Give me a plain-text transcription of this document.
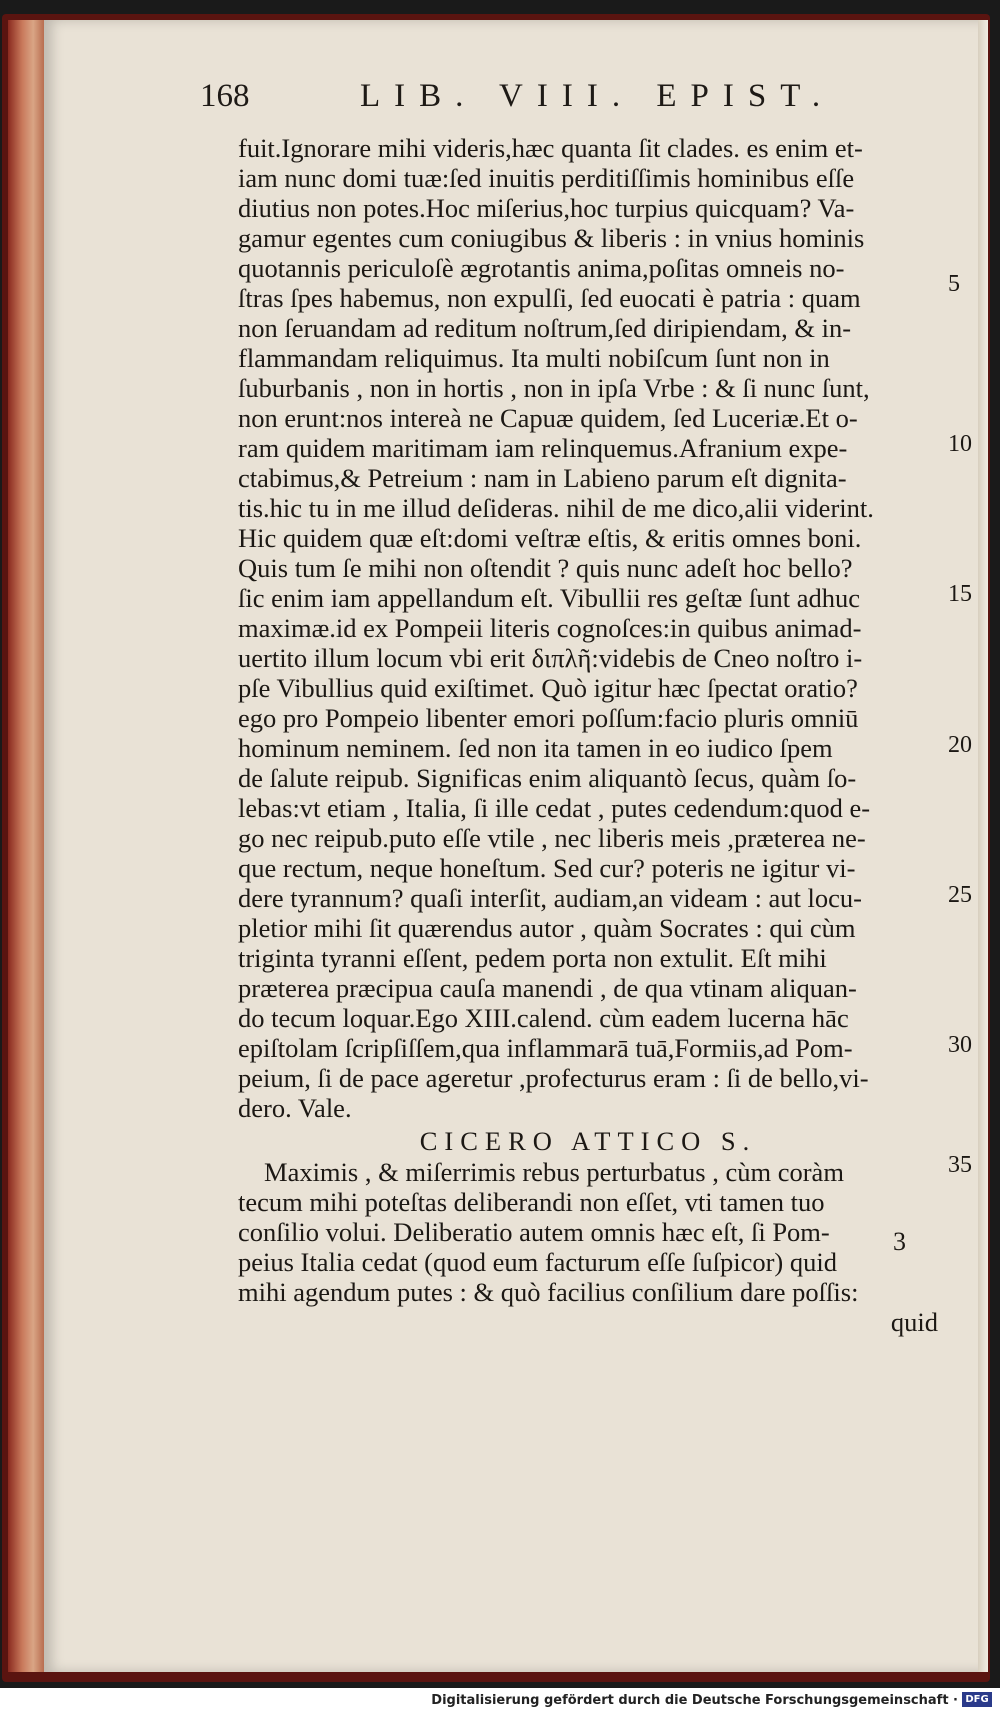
168	LIB. VIII. EPIST.
fuit.Ignorare mihi videris,hæc quanta ſit clades. es enim et-
iam nunc domi tuæ:ſed inuitis perditiſſimis hominibus eſſe
diutius non potes.Hoc miſerius,hoc turpius quicquam? Va-
gamur egentes cum coniugibus & liberis : in vnius hominis
quotannis periculoſè ægrotantis anima,poſitas omneis no-
ſtras ſpes habemus, non expulſi, ſed euocati è patria : quam
non ſeruandam ad reditum noſtrum,ſed diripiendam, & in-
flammandam reliquimus. Ita multi nobiſcum ſunt non in
ſuburbanis , non in hortis , non in ipſa Vrbe : & ſi nunc ſunt,
non erunt:nos intereà ne Capuæ quidem, ſed Luceriæ.Et o-
ram quidem maritimam iam relinquemus.Afranium expe-
ctabimus,& Petreium : nam in Labieno parum eſt dignita-
tis.hic tu in me illud deſideras. nihil de me dico,alii viderint.
Hic quidem quæ eſt:domi veſtræ eſtis, & eritis omnes boni.
Quis tum ſe mihi non oſtendit ? quis nunc adeſt hoc bello?
ſic enim iam appellandum eſt. Vibullii res geſtæ ſunt adhuc
maximæ.id ex Pompeii literis cognoſces:in quibus animad-
uertito illum locum vbi erit διπλῆ:videbis de Cneo noſtro i-
pſe Vibullius quid exiſtimet. Quò igitur hæc ſpectat oratio?
ego pro Pompeio libenter emori poſſum:facio pluris omniū
hominum neminem. ſed non ita tamen in eo iudico ſpem
de ſalute reipub. Significas enim aliquantò ſecus, quàm ſo-
lebas:vt etiam , Italia, ſi ille cedat , putes cedendum:quod e-
go nec reipub.puto eſſe vtile , nec liberis meis ,præterea ne-
que rectum, neque honeſtum. Sed cur? poteris ne igitur vi-
dere tyrannum? quaſi interſit, audiam,an videam : aut locu-
pletior mihi ſit quærendus autor , quàm Socrates : qui cùm
triginta tyranni eſſent, pedem porta non extulit. Eſt mihi
præterea præcipua cauſa manendi , de qua vtinam aliquan-
do tecum loquar.Ego XIII.calend. cùm eadem lucerna hāc
epiſtolam ſcripſiſſem,qua inflammarā tuā,Formiis,ad Pom-
peium, ſi de pace ageretur ,profecturus eram : ſi de bello,vi-
dero. Vale.
CICERO ATTICO S.
Maximis , & miſerrimis rebus perturbatus , cùm coràm
tecum mihi poteſtas deliberandi non eſſet, vti tamen tuo
conſilio volui. Deliberatio autem omnis hæc eſt, ſi Pom-
peius Italia cedat (quod eum facturum eſſe ſuſpicor) quid
mihi agendum putes : & quò facilius conſilium dare poſſis:
quid
3
5
10
15
20
25
30
35
Digitalisierung gefördert durch die Deutsche Forschungsgemeinschaft · DFG
